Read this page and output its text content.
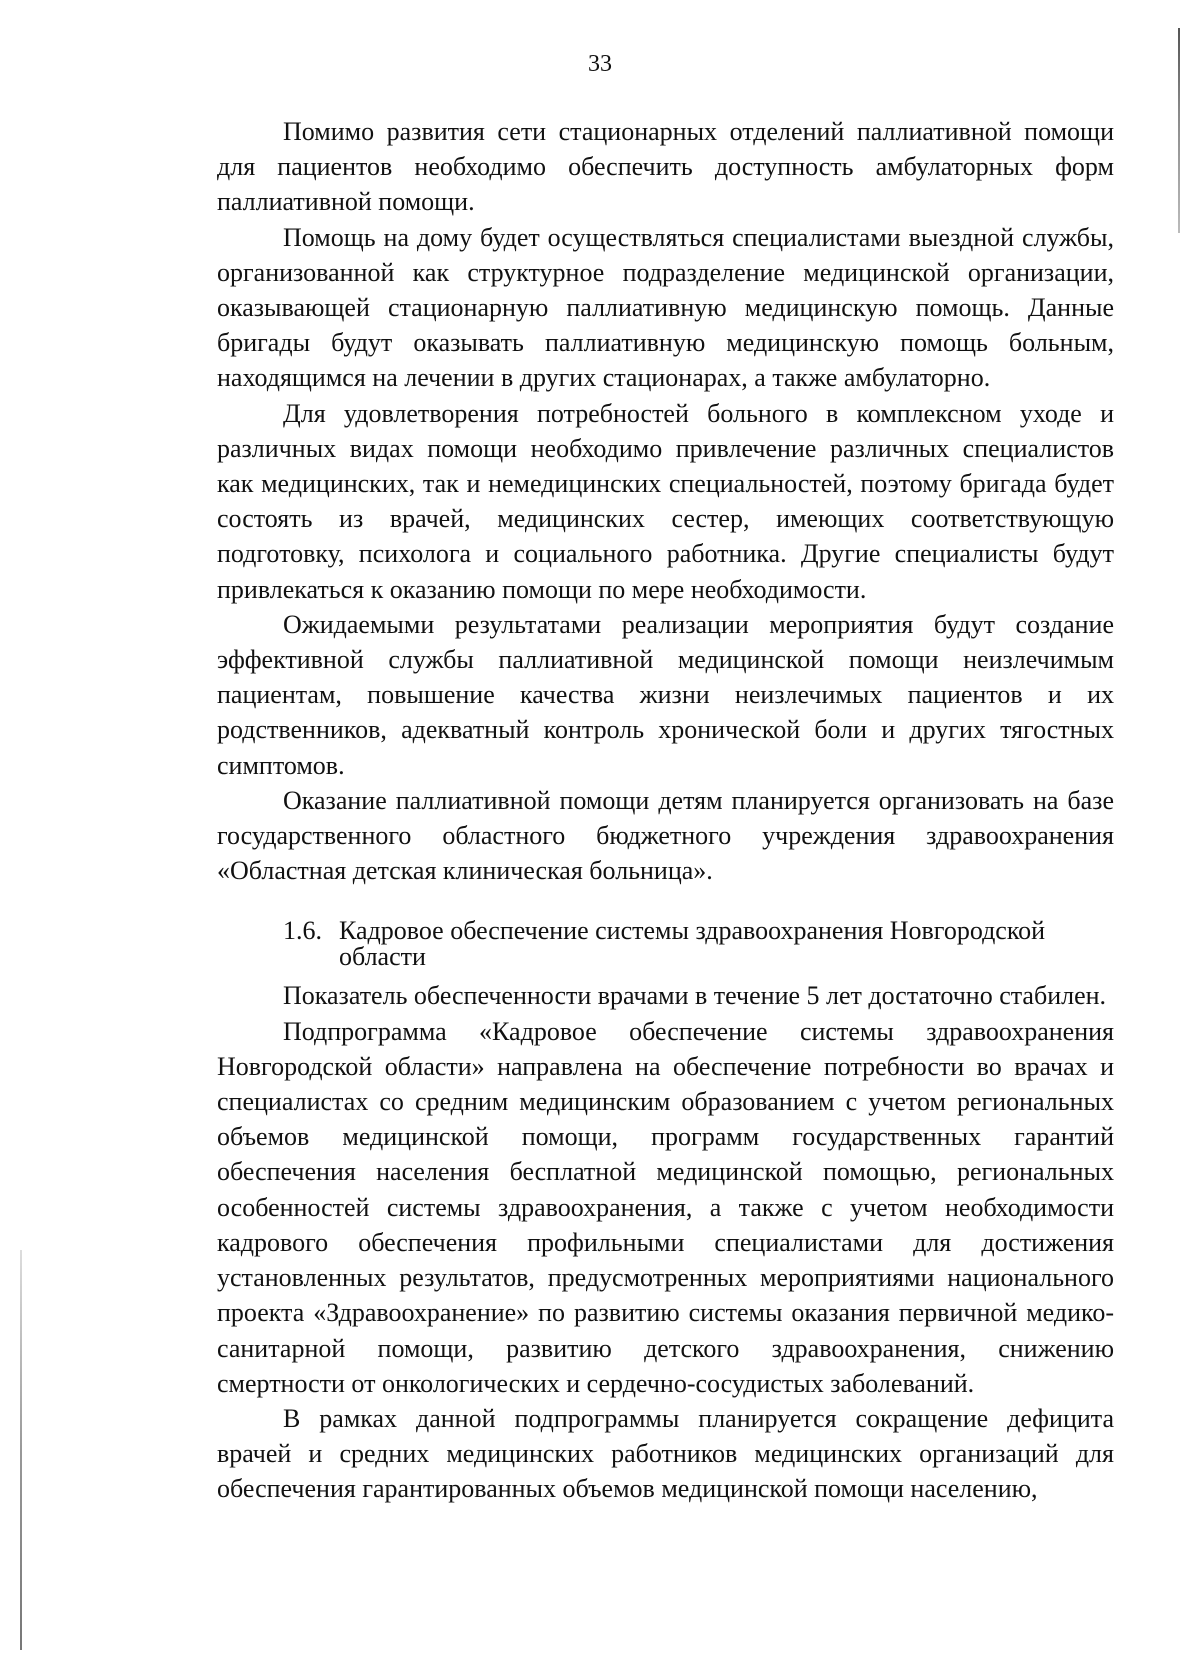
33

Помимо развития сети стационарных отделений паллиативной помощи для пациентов необходимо обеспечить доступность амбулаторных форм паллиативной помощи.

Помощь на дому будет осуществляться специалистами выездной службы, организованной как структурное подразделение медицинской организации, оказывающей стационарную паллиативную медицинскую помощь. Данные бригады будут оказывать паллиативную медицинскую помощь больным, находящимся на лечении в других стационарах, а также амбулаторно.

Для удовлетворения потребностей больного в комплексном уходе и различных видах помощи необходимо привлечение различных специалистов как медицинских, так и немедицинских специальностей, поэтому бригада будет состоять из врачей, медицинских сестер, имеющих соответствующую подготовку, психолога и социального работника. Другие специалисты будут привлекаться к оказанию помощи по мере необходимости.

Ожидаемыми результатами реализации мероприятия будут создание эффективной службы паллиативной медицинской помощи неизлечимым пациентам, повышение качества жизни неизлечимых пациентов и их родственников, адекватный контроль хронической боли и других тягостных симптомов.

Оказание паллиативной помощи детям планируется организовать на базе государственного областного бюджетного учреждения здравоохранения «Областная детская клиническая больница».

1.6. Кадровое обеспечение системы здравоохранения Новгородской
области

Показатель обеспеченности врачами в течение 5 лет достаточно стабилен.

Подпрограмма «Кадровое обеспечение системы здравоохранения Новгородской области» направлена на обеспечение потребности во врачах и специалистах со средним медицинским образованием с учетом региональных объемов медицинской помощи, программ государственных гарантий обеспечения населения бесплатной медицинской помощью, региональных особенностей системы здравоохранения, а также с учетом необходимости кадрового обеспечения профильными специалистами для достижения установленных результатов, предусмотренных мероприятиями национального проекта «Здравоохранение» по развитию системы оказания первичной медико-санитарной помощи, развитию детского здравоохранения, снижению смертности от онкологических и сердечно-сосудистых заболеваний.

В рамках данной подпрограммы планируется сокращение дефицита врачей и средних медицинских работников медицинских организаций для обеспечения гарантированных объемов медицинской помощи населению,
